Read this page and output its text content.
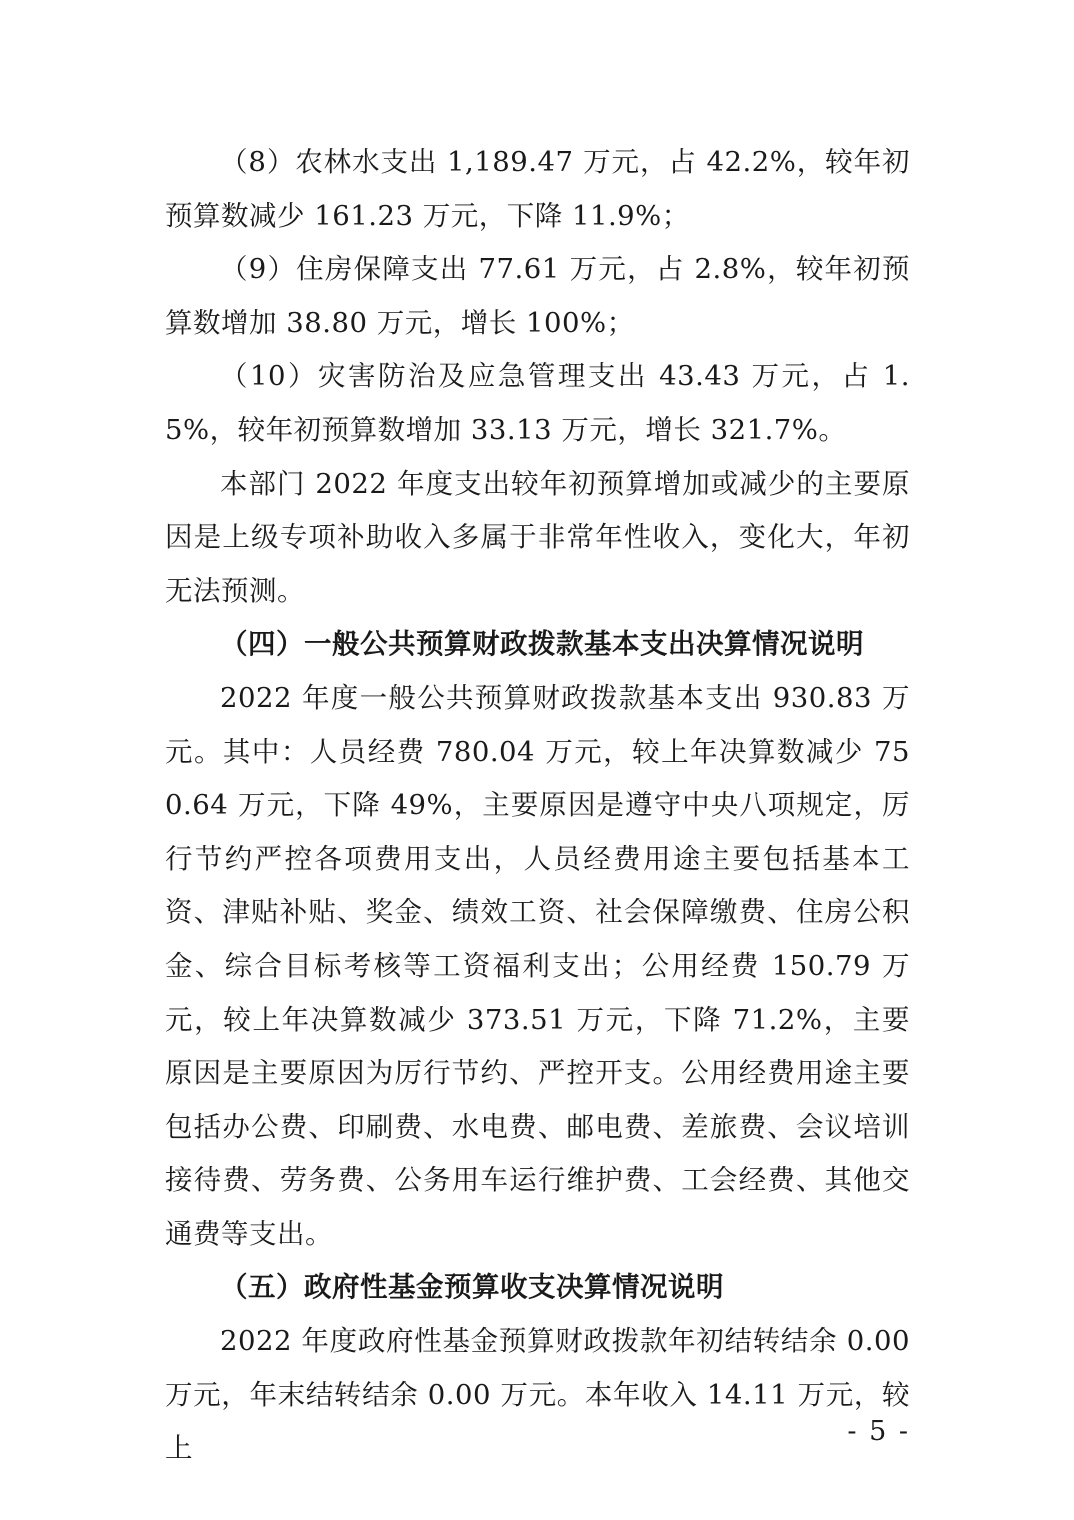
（8）农林水支出 1,189.47 万元，占 42.2%，较年初预算数减少 161.23 万元，下降 11.9%；

（9）住房保障支出 77.61 万元，占 2.8%，较年初预算数增加 38.80 万元，增长 100%；

（10）灾害防治及应急管理支出 43.43 万元，占 1.5%，较年初预算数增加 33.13 万元，增长 321.7%。

本部门 2022 年度支出较年初预算增加或减少的主要原因是上级专项补助收入多属于非常年性收入，变化大，年初无法预测。

（四）一般公共预算财政拨款基本支出决算情况说明

2022 年度一般公共预算财政拨款基本支出 930.83 万元。其中：人员经费 780.04 万元，较上年决算数减少 750.64 万元，下降 49%，主要原因是遵守中央八项规定，厉行节约严控各项费用支出，人员经费用途主要包括基本工资、津贴补贴、奖金、绩效工资、社会保障缴费、住房公积金、综合目标考核等工资福利支出；公用经费 150.79 万元，较上年决算数减少 373.51 万元，下降 71.2%，主要原因是主要原因为厉行节约、严控开支。公用经费用途主要包括办公费、印刷费、水电费、邮电费、差旅费、会议培训接待费、劳务费、公务用车运行维护费、工会经费、其他交通费等支出。

（五）政府性基金预算收支决算情况说明

2022 年度政府性基金预算财政拨款年初结转结余 0.00 万元，年末结转结余 0.00 万元。本年收入 14.11 万元，较上

- 5 -
